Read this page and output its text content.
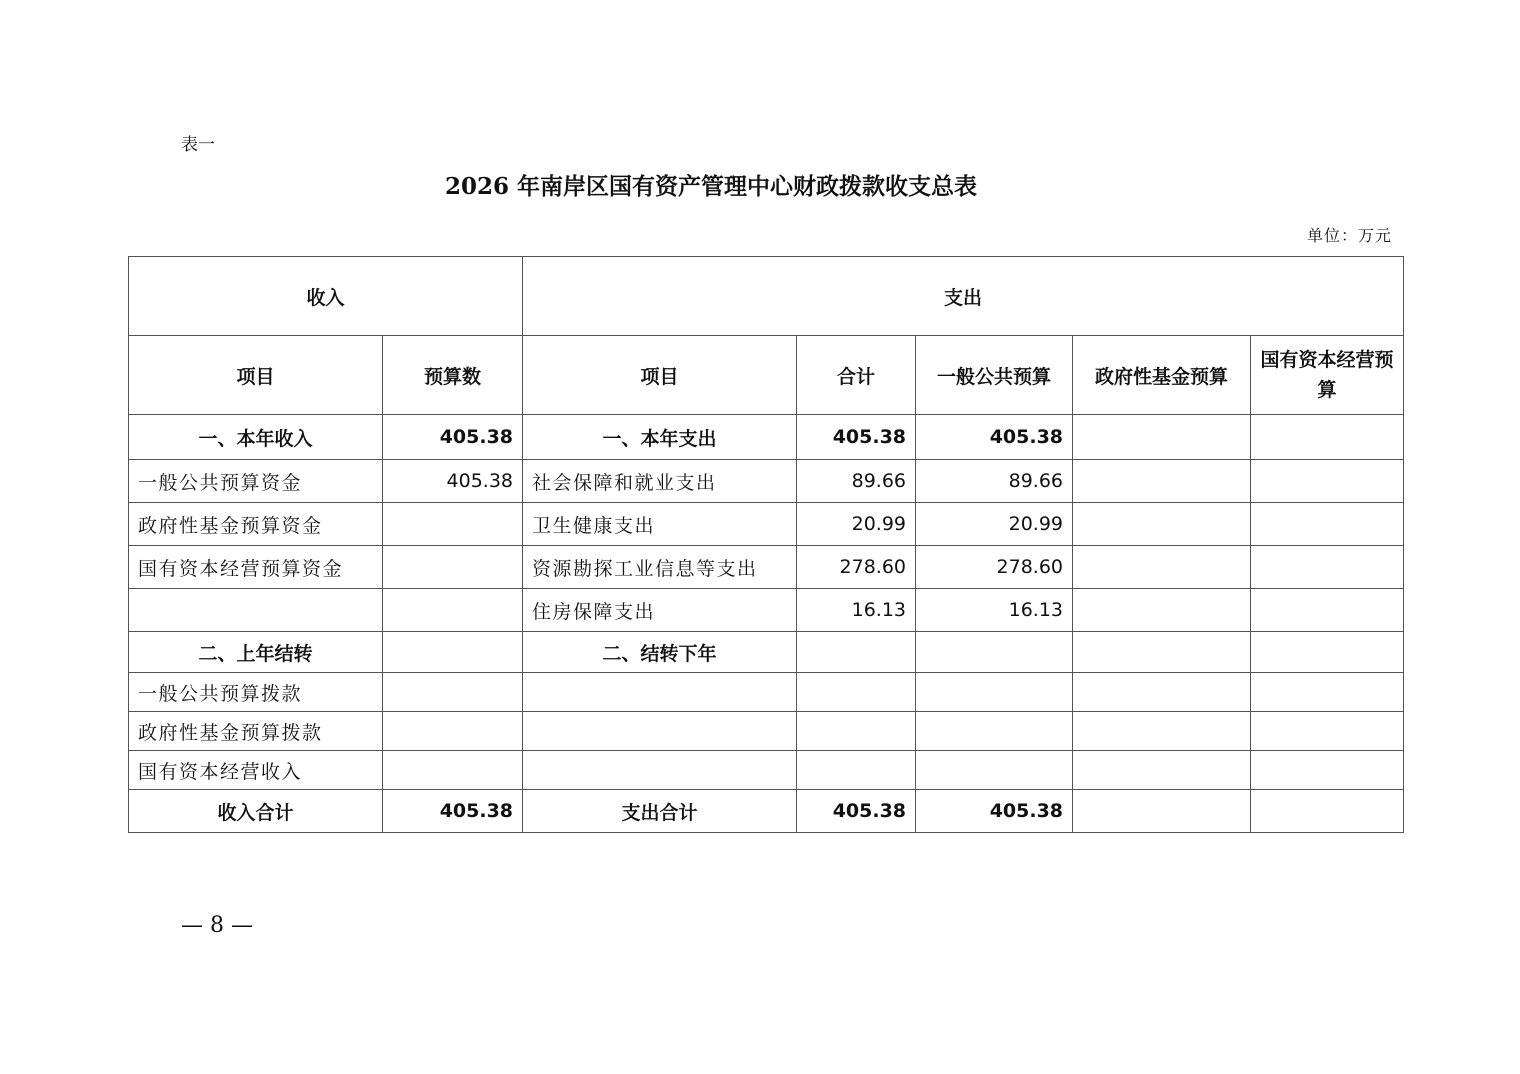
表一
2026 年南岸区国有资产管理中心财政拨款收支总表
单位：万元
收入		支出				
项目	预算数	项目	合计	一般公共预算	政府性基金预算	国有资本经营预算
一、本年收入	405.38	一、本年支出	405.38	405.38		
一般公共预算资金	405.38	社会保障和就业支出	89.66	89.66		
政府性基金预算资金		卫生健康支出	20.99	20.99		
国有资本经营预算资金		资源勘探工业信息等支出	278.60	278.60		
		住房保障支出	16.13	16.13		
二、上年结转		二、结转下年				
一般公共预算拨款						
政府性基金预算拨款						
国有资本经营收入						
收入合计	405.38	支出合计	405.38	405.38		
— 8 —
